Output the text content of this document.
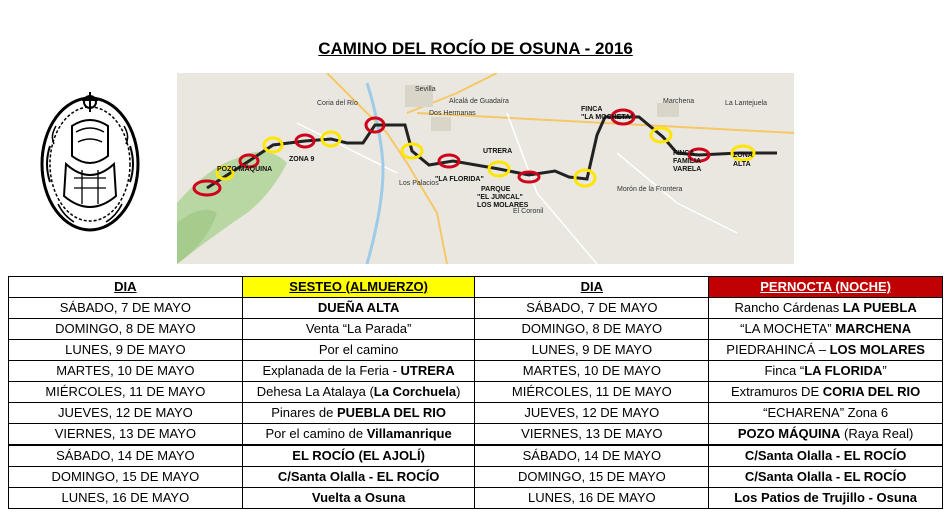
CAMINO DEL ROCÍO DE OSUNA - 2016
Sevilla
Dos Hermanas
Alcalá de Guadaíra
Coria del Río
Los Palacios
Morón de la Frontera
La Lantejuela
El Coronil
Marchena
UTRERA
"LA FLORIDA"
PARQUE
"EL JUNCAL"
LOS MOLARES
FINCA
"LA MOCHETA"
FINCA
FAMILIA
VARELA
ZONA
ALTA
POZO MÁQUINA
ZONA 9
DIA	SESTEO (ALMUERZO)	DIA	PERNOCTA (NOCHE)
SÁBADO, 7 DE MAYO	DUEÑA ALTA	SÁBADO, 7 DE MAYO	Rancho Cárdenas LA PUEBLA
DOMINGO, 8 DE MAYO	Venta “La Parada”	DOMINGO, 8 DE MAYO	“LA MOCHETA” MARCHENA
LUNES, 9 DE MAYO	Por el camino	LUNES, 9 DE MAYO	PIEDRAHINCÁ – LOS MOLARES
MARTES, 10 DE MAYO	Explanada de la Feria - UTRERA	MARTES, 10 DE MAYO	Finca “LA FLORIDA”
MIÉRCOLES, 11 DE MAYO	Dehesa La Atalaya (La Corchuela)	MIÉRCOLES, 11 DE MAYO	Extramuros DE CORIA DEL RIO
JUEVES, 12 DE MAYO	Pinares de PUEBLA DEL RIO	JUEVES, 12 DE MAYO	“ECHARENA” Zona 6
VIERNES, 13 DE MAYO	Por el camino de Villamanrique	VIERNES, 13 DE MAYO	POZO MÁQUINA (Raya Real)
SÁBADO, 14 DE MAYO	EL ROCÍO (EL AJOLÍ)	SÁBADO, 14 DE MAYO	C/Santa Olalla - EL ROCÍO
DOMINGO, 15 DE MAYO	C/Santa Olalla - EL ROCÍO	DOMINGO, 15 DE MAYO	C/Santa Olalla - EL ROCÍO
LUNES, 16 DE MAYO	Vuelta a Osuna	LUNES, 16 DE MAYO	Los Patios de Trujillo - Osuna
